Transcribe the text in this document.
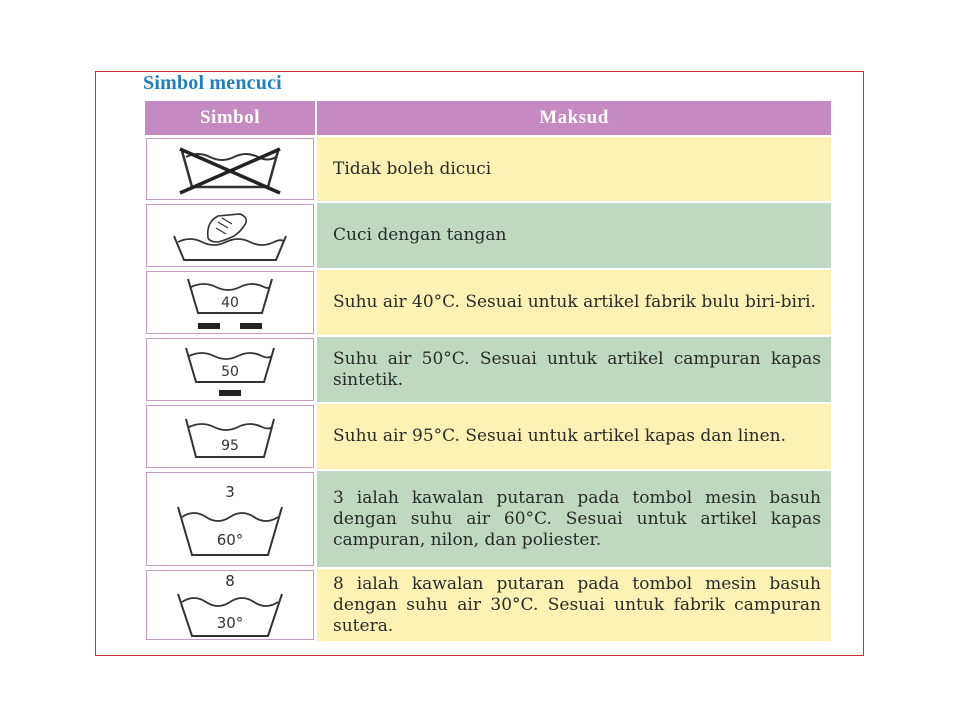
Simbol mencuci
Simbol	Maksud

	Tidak boleh dicuci

	Cuci dengan tangan

40	Suhu air 40°C. Sesuai untuk artikel fabrik bulu biri-biri.

50	Suhu air 50°C. Sesuai untuk artikel campuran kapas sintetik.

95	Suhu air 95°C. Sesuai untuk artikel kapas dan linen.

3
60°	3 ialah kawalan putaran pada tombol mesin basuh dengan suhu air 60°C. Sesuai untuk artikel kapas campuran, nilon, dan poliester.

8
30°	8 ialah kawalan putaran pada tombol mesin basuh dengan suhu air 30°C. Sesuai untuk fabrik campuran sutera.
